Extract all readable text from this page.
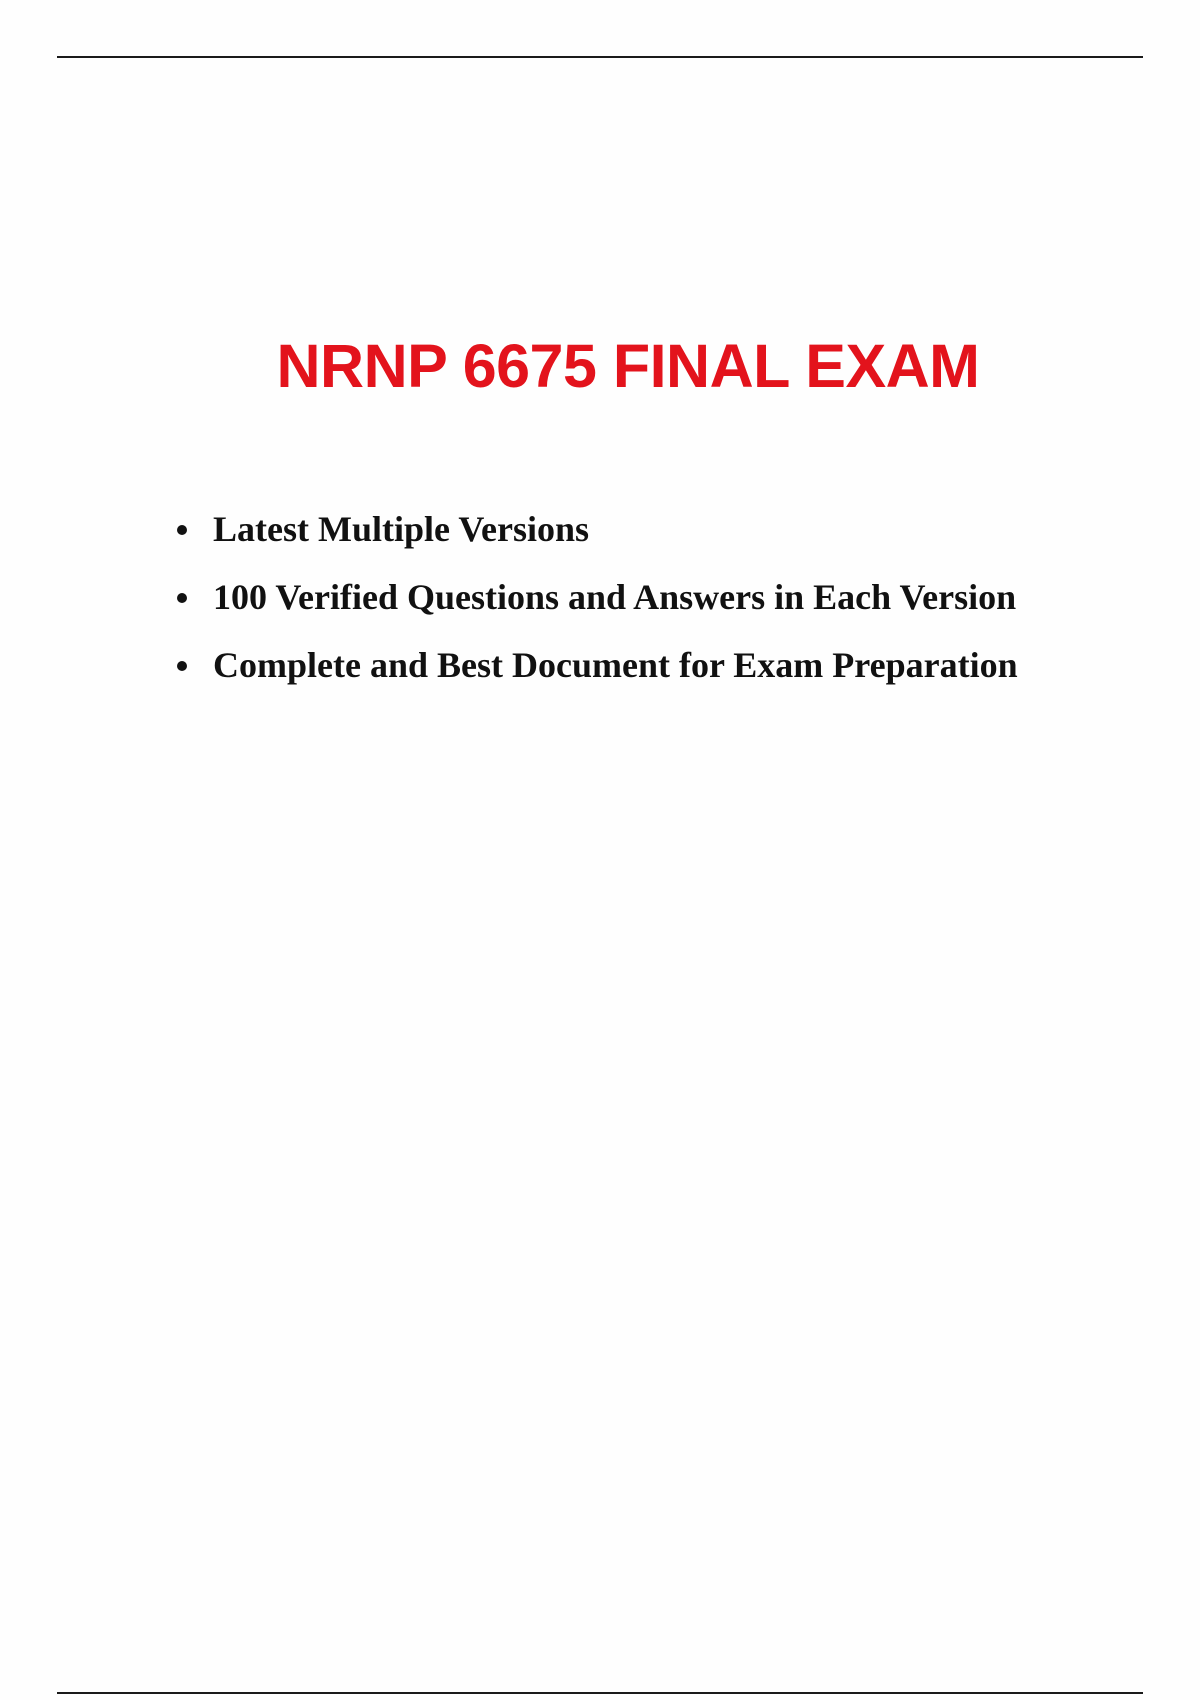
NRNP 6675 FINAL EXAM
Latest Multiple Versions
100 Verified Questions and Answers in Each Version
Complete and Best Document for Exam Preparation
